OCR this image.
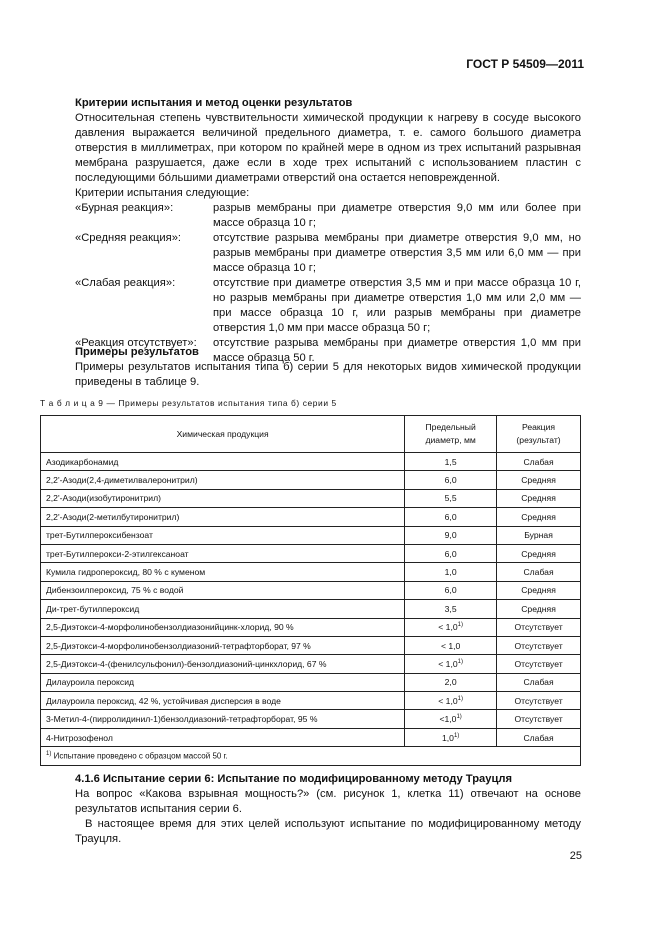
ГОСТ Р 54509—2011
Критерии испытания и метод оценки результатов
Относительная степень чувствительности химической продукции к нагреву в сосуде высокого давления выражается величиной предельного диаметра, т. е. самого большого диаметра отверстия в миллиметрах, при котором по крайней мере в одном из трех испытаний разрывная мембрана разрушается, даже если в ходе трех испытаний с использованием пластин с последующими бо́льшими диаметрами отверстий она остается неповрежденной.
Критерии испытания следующие:
«Бурная реакция»:	разрыв мембраны при диаметре отверстия 9,0 мм или более при массе образца 10 г;
«Средняя реакция»:	отсутствие разрыва мембраны при диаметре отверстия 9,0 мм, но разрыв мембраны при диаметре отверстия 3,5 мм или 6,0 мм — при массе образца 10 г;
«Слабая реакция»:	отсутствие при диаметре отверстия 3,5 мм и при массе образца 10 г, но разрыв мембраны при диаметре отверстия 1,0 мм или 2,0 мм — при массе образца 10 г, или разрыв мембраны при диаметре отверстия 1,0 мм при массе образца 50 г;
«Реакция отсутствует»:	отсутствие разрыва мембраны при диаметре отверстия 1,0 мм при массе образца 50 г.
Примеры результатов
Примеры результатов испытания типа б) серии 5 для некоторых видов химической продукции приведены в таблице 9.
Т а б л и ц а 9 — Примеры результатов испытания типа б) серии 5
Химическая продукция	Предельный диаметр, мм	Реакция (результат)
Азодикарбонамид	1,5	Слабая
2,2'-Азоди(2,4-диметилвалеронитрил)	6,0	Средняя
2,2'-Азоди(изобутиронитрил)	5,5	Средняя
2,2'-Азоди(2-метилбутиронитрил)	6,0	Средняя
трет-Бутилпероксибензоат	9,0	Бурная
трет-Бутилперокси-2-этилгексаноат	6,0	Средняя
Кумила гидропероксид, 80 % с куменом	1,0	Слабая
Дибензоилпероксид, 75 % с водой	6,0	Средняя
Ди-трет-бутилпероксид	3,5	Средняя
2,5-Диэтокси-4-морфолинобензолдиазонийцинк-хлорид, 90 %	< $1,0^{1)}$	Отсутствует
2,5-Диэтокси-4-морфолинобензолдиазоний-тетрафторборат, 97 %	< 1,0	Отсутствует
2,5-Диэтокси-4-(фенилсульфонил)-бензолдиазоний-цинкхлорид, 67 %	< $1,0^{1)}$	Отсутствует
Дилауроила пероксид	2,0	Слабая
Дилауроила пероксид, 42 %, устойчивая дисперсия в воде	< $1,0^{1)}$	Отсутствует
3-Метил-4-(пирролидинил-1)бензолдиазоний-тетрафторборат, 95 %	$<1,0^{1)}$	Отсутствует
4-Нитрозофенол	1,0$^{1)}$	Слабая
$^{1)}$ Испытание проведено с образцом массой 50 г.		
4.1.6 Испытание серии 6: Испытание по модифицированному методу Трауцля
На вопрос «Какова взрывная мощность?» (см. рисунок 1, клетка 11) отвечают на основе результатов испытания серии 6.
В настоящее время для этих целей используют испытание по модифицированному методу Трауцля.
25
